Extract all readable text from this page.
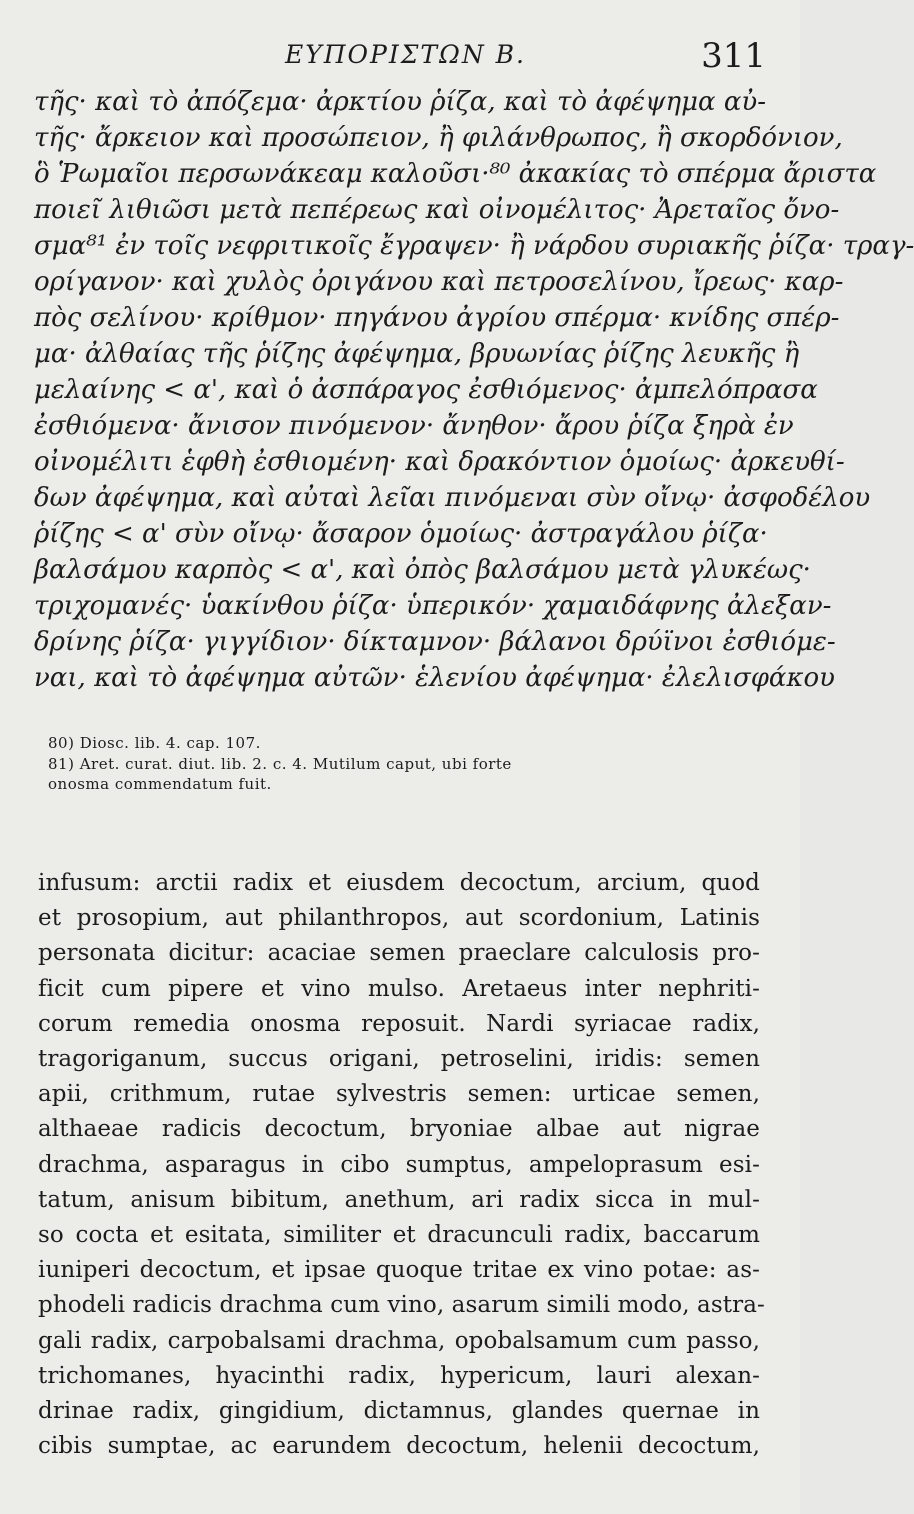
ΕΥΠΟΡΙΣΤΩΝ Β.	311
τῆς· καὶ τὸ ἀπόζεμα· ἀρκτίου ῥίζα, καὶ τὸ ἀφέψημα αὐ-
τῆς· ἄρκειον καὶ προσώπειον, ἢ φιλάνθρωπος, ἢ σκορδόνιον,
ὃ Ῥωμαῖοι περσωνάκεαμ καλοῦσι·⁸⁰ ἀκακίας τὸ σπέρμα ἄριστα
ποιεῖ λιθιῶσι μετὰ πεπέρεως καὶ οἰνομέλιτος· Ἀρεταῖος ὄνο-
σμα⁸¹ ἐν τοῖς νεφριτικοῖς ἔγραψεν· ἢ νάρδου συριακῆς ῥίζα· τραγ-
ορίγανον· καὶ χυλὸς ὀριγάνου καὶ πετροσελίνου, ἴρεως· καρ-
πὸς σελίνου· κρίθμον· πηγάνου ἀγρίου σπέρμα· κνίδης σπέρ-
μα· ἀλθαίας τῆς ῥίζης ἀφέψημα, βρυωνίας ῥίζης λευκῆς ἢ
μελαίνης < α', καὶ ὁ ἀσπάραγος ἐσθιόμενος· ἀμπελόπρασα
ἐσθιόμενα· ἄνισον πινόμενον· ἄνηθον· ἄρου ῥίζα ξηρὰ ἐν
οἰνομέλιτι ἑφθὴ ἐσθιομένη· καὶ δρακόντιον ὁμοίως· ἀρκευθί-
δων ἀφέψημα, καὶ αὐταὶ λεῖαι πινόμεναι σὺν οἴνῳ· ἀσφοδέλου
ῥίζης < α' σὺν οἴνῳ· ἄσαρον ὁμοίως· ἀστραγάλου ῥίζα·
βαλσάμου καρπὸς < α', καὶ ὀπὸς βαλσάμου μετὰ γλυκέως·
τριχομανές· ὑακίνθου ῥίζα· ὑπερικόν· χαμαιδάφνης ἀλεξαν-
δρίνης ῥίζα· γιγγίδιον· δίκταμνον· βάλανοι δρύϊνοι ἐσθιόμε-
ναι, καὶ τὸ ἀφέψημα αὐτῶν· ἑλενίου ἀφέψημα· ἐλελισφάκου
80) Diosc. lib. 4. cap. 107.
81) Aret. curat. diut. lib. 2. c. 4. Mutilum caput, ubi forte
onosma commendatum fuit.
infusum: arctii radix et eiusdem decoctum, arcium, quod
et prosopium, aut philanthropos, aut scordonium, Latinis
personata dicitur: acaciae semen praeclare calculosis pro-
ficit cum pipere et vino mulso. Aretaeus inter nephriti-
corum remedia onosma reposuit. Nardi syriacae radix,
tragoriganum, succus origani, petroselini, iridis: semen
apii, crithmum, rutae sylvestris semen: urticae semen,
althaeae radicis decoctum, bryoniae albae aut nigrae
drachma, asparagus in cibo sumptus, ampeloprasum esi-
tatum, anisum bibitum, anethum, ari radix sicca in mul-
so cocta et esitata, similiter et dracunculi radix, baccarum
iuniperi decoctum, et ipsae quoque tritae ex vino potae: as-
phodeli radicis drachma cum vino, asarum simili modo, astra-
gali radix, carpobalsami drachma, opobalsamum cum passo,
trichomanes, hyacinthi radix, hypericum, lauri alexan-
drinae radix, gingidium, dictamnus, glandes quernae in
cibis sumptae, ac earundem decoctum, helenii decoctum,
